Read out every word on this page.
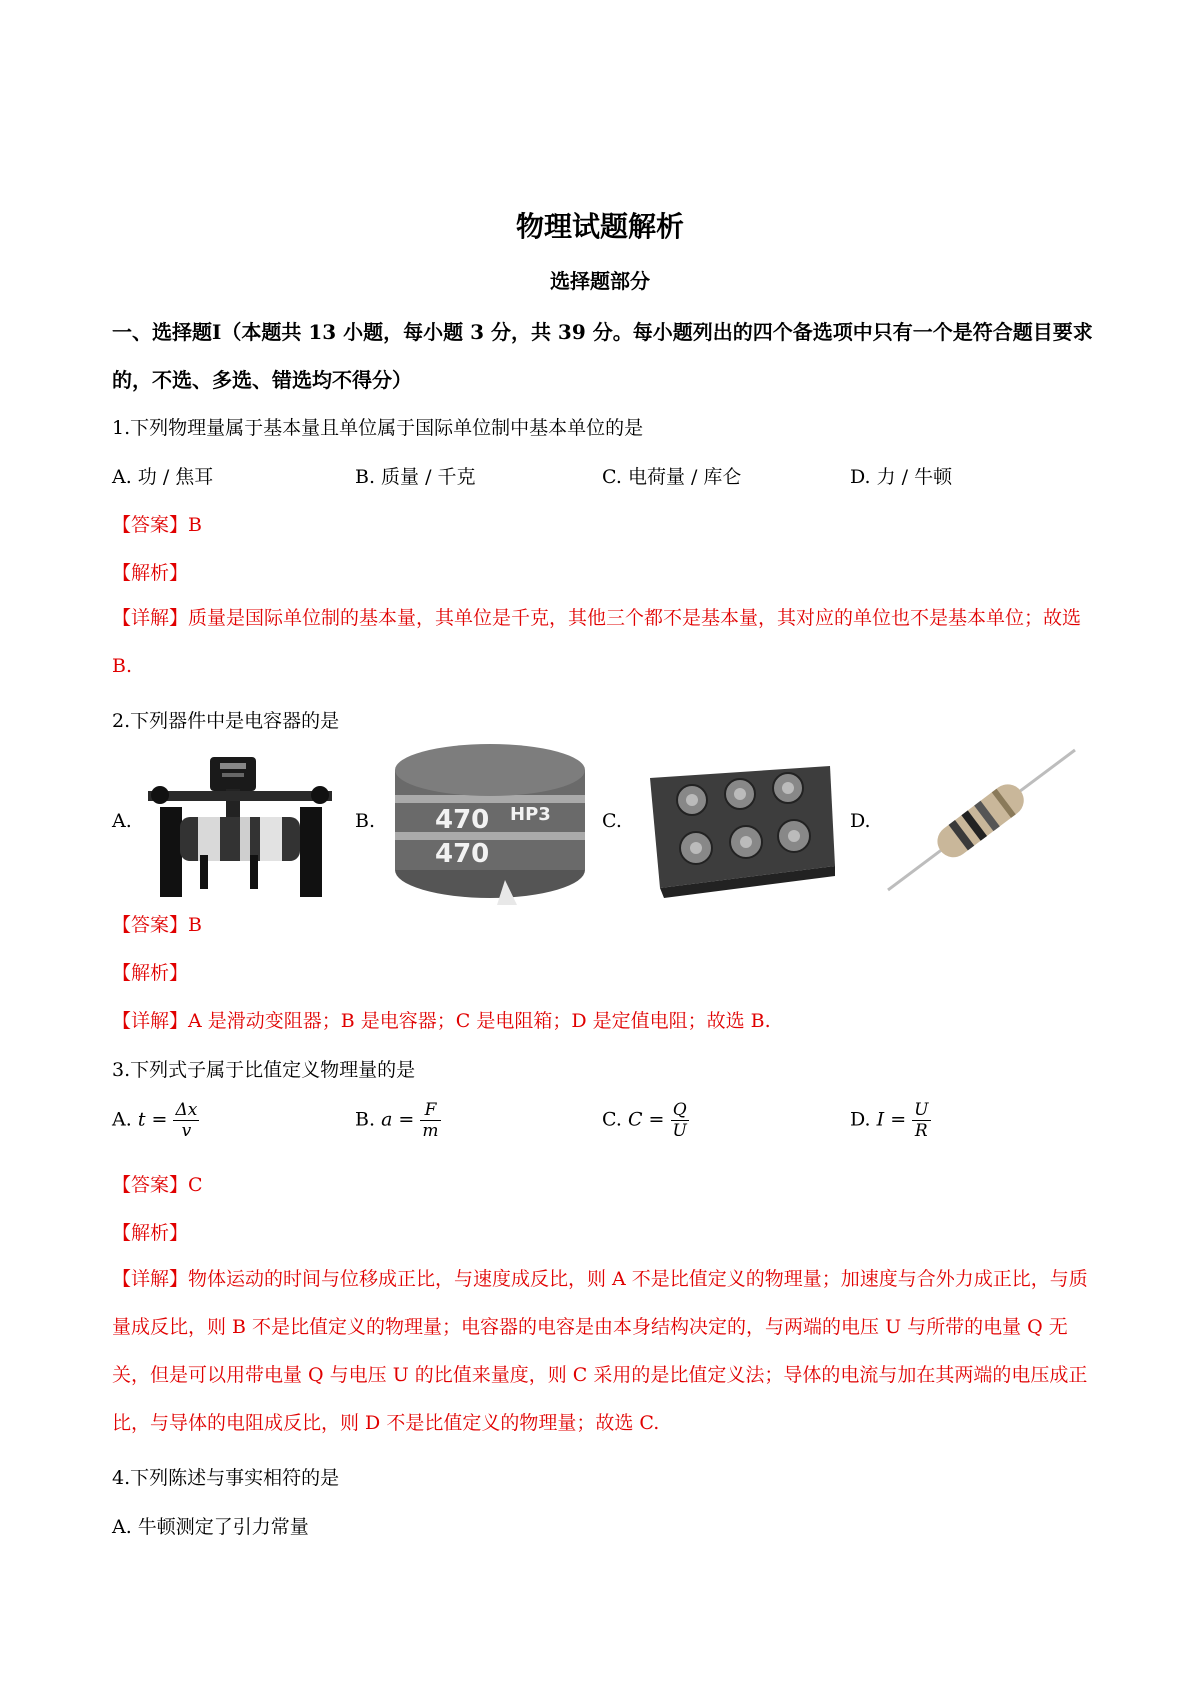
物理试题解析
选择题部分
一、选择题Ⅰ（本题共 13 小题，每小题 3 分，共 39 分。每小题列出的四个备选项中只有一个是符合题目要求的，不选、多选、错选均不得分）
1.下列物理量属于基本量且单位属于国际单位制中基本单位的是
A. 功 / 焦耳	B. 质量 / 千克	C. 电荷量 / 库仑	D. 力 / 牛顿
【答案】B
【解析】
【详解】质量是国际单位制的基本量，其单位是千克，其他三个都不是基本量，其对应的单位也不是基本单位；故选 B.
2.下列器件中是电容器的是
A.	B. 470 HP3
470
C.	D.
【答案】B
【解析】
【详解】A 是滑动变阻器；B 是电容器；C 是电阻箱；D 是定值电阻；故选 B.
3.下列式子属于比值定义物理量的是
A. $t = \frac{\Delta x}{v}$	B. $a = \frac{F}{m}$	C. $C = \frac{Q}{U}$	D. $I = \frac{U}{R}$
【答案】C
【解析】
【详解】物体运动的时间与位移成正比，与速度成反比，则 A 不是比值定义的物理量；加速度与合外力成正比，与质量成反比，则 B 不是比值定义的物理量；电容器的电容是由本身结构决定的，与两端的电压 U 与所带的电量 Q 无关，但是可以用带电量 Q 与电压 U 的比值来量度，则 C 采用的是比值定义法；导体的电流与加在其两端的电压成正比，与导体的电阻成反比，则 D 不是比值定义的物理量；故选 C.
4.下列陈述与事实相符的是
A. 牛顿测定了引力常量
